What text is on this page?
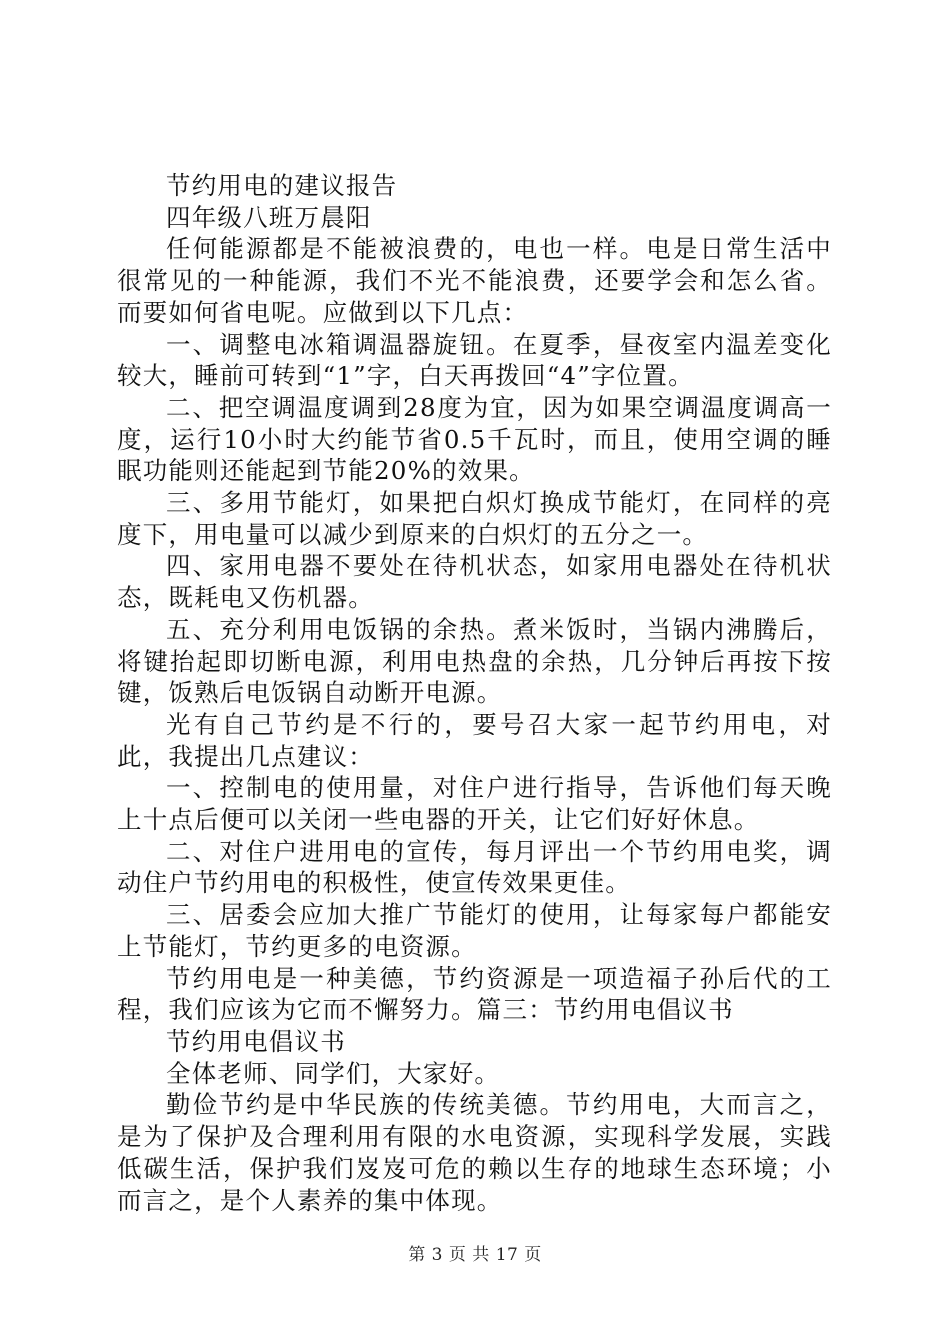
节约用电的建议报告

四年级八班万晨阳

任何能源都是不能被浪费的，电也一样。电是日常生活中很常见的一种能源，我们不光不能浪费，还要学会和怎么省。而要如何省电呢。应做到以下几点：

一、调整电冰箱调温器旋钮。在夏季，昼夜室内温差变化较大，睡前可转到“1”字，白天再拨回“4”字位置。

二、把空调温度调到28度为宜，因为如果空调温度调高一度，运行10小时大约能节省0.5千瓦时，而且，使用空调的睡眠功能则还能起到节能20%的效果。

三、多用节能灯，如果把白炽灯换成节能灯，在同样的亮度下，用电量可以减少到原来的白炽灯的五分之一。

四、家用电器不要处在待机状态，如家用电器处在待机状态，既耗电又伤机器。

五、充分利用电饭锅的余热。煮米饭时，当锅内沸腾后，将键抬起即切断电源，利用电热盘的余热，几分钟后再按下按键，饭熟后电饭锅自动断开电源。

光有自己节约是不行的，要号召大家一起节约用电，对此，我提出几点建议：

一、控制电的使用量，对住户进行指导，告诉他们每天晚上十点后便可以关闭一些电器的开关，让它们好好休息。

二、对住户进用电的宣传，每月评出一个节约用电奖，调动住户节约用电的积极性，使宣传效果更佳。

三、居委会应加大推广节能灯的使用，让每家每户都能安上节能灯，节约更多的电资源。

节约用电是一种美德，节约资源是一项造福子孙后代的工程，我们应该为它而不懈努力。篇三：节约用电倡议书

节约用电倡议书

全体老师、同学们，大家好。

勤俭节约是中华民族的传统美德。节约用电，大而言之，是为了保护及合理利用有限的水电资源，实现科学发展，实践低碳生活，保护我们岌岌可危的赖以生存的地球生态环境；小而言之，是个人素养的集中体现。

第 3 页 共 17 页
